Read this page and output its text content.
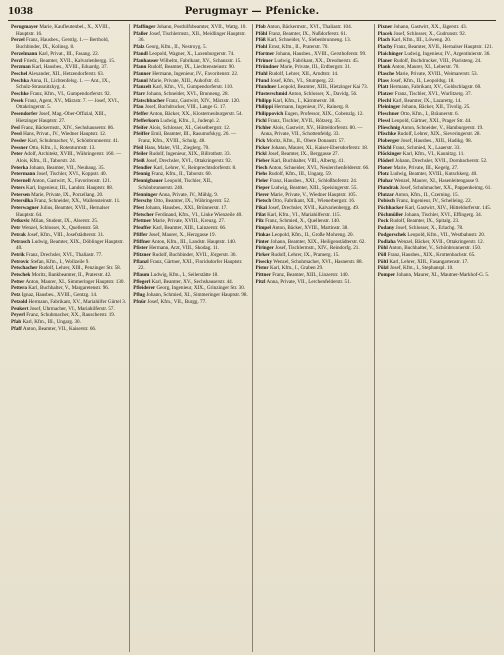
1038	Perugmayr — Pfenicke.

Perugmayer Marie, Kaufleutenbel., X., XVIII., Hauptstr. 16.

Perzel Franz, Hausbes., Gerstlg. 1.— Berthold, Buchbinder, IX., Kolinsg. 8.

Perzelmann Karl, Privat., III., Fasang. 22.

Perzl Friedr., Beamter, XVII., Kalvarienbergg. 15.

Perzman Karl, Hausbes., XVIII., Eduardg. 37.

Peschel Alexander, XII., Hetzendorferstr. 63.

Peschka Anna, II., Lichtenfelsg. 1. — Ant., IX., Schulz-Strassnitzkyg. 4.

Peschke Franz, Kfm., VI., Gumpendorferstr. 92.

Pesek Franz, Agent, XV., Märzstr. 7. — Josef, XVI., Ottakringerstr. 5.

Pesendorfer Josef, Mag.-Ober-Offizial, XIII., Hietzinger Hauptstr. 27.

Pesl Franz, Bäckermstr., XIV., Sechshauserstr. 86.

Pessl Hans, Privat., IV., Wiedner Hauptstr. 12.

Pessler Karl, Schuhmacher, V., Schönbrunnerstr. 41.

Pessner Otto, Kfm., I., Rotenturmstr. 13.

Peter Adolf, Architekt, XVIII., Währingerstr. 160. — Alois, Kfm., II., Taborstr. 24.

Peterka Johann, Beamter, VII., Neubaug. 35.

Petermann Josef, Tischler, XVI., Koppstr. 40.

Peternell Anton, Gastwirt, X., Favoritenstr. 121.

Peters Karl, Ingenieur, III., Landstr. Hauptstr. 88.

Petersen Marie, Private, IX., Porzellang. 20.

Petersilka Franz, Schneider, XX., Wallensteinstr. 11.

Peterwagner Julius, Beamter, XVII., Hernalser Hauptstr. 64.

Petkovic Milan, Student, IX., Alserstr. 25.

Petr Wenzel, Schlosser, X., Quellenstr. 58.

Petrak Josef, Kfm., VIII., Josefstädterstr. 31.

Petrasch Ludwig, Beamter, XIX., Döblinger Hauptstr. 40.

Petrik Franz, Drechsler, XVI., Thaliastr. 77.

Petrovic Stefan, Kfm., I., Wollzeile 9.

Petschacher Rudolf, Lehrer, XIII., Penzinger Str. 58.

Petschek Moritz, Bankbeamter, II., Praterstr. 42.

Petter Anton, Maurer, XI., Simmeringer Hauptstr. 130.

Pettera Karl, Buchhalter, V., Margaretenstr. 96.

Petz Ignaz, Hausbes., XVIII., Gentzg. 14.

Petzold Hermann, Fabrikant, XV., Mariahilfer Gürtel 3.

Peukert Josef, Uhrmacher, VI., Mariahilferstr. 57.

Peyerl Franz, Schuhmacher, XX., Rauscherstr. 19.

Pfab Karl, Kfm., III., Ungarg. 30.

Pfaff Anton, Beamter, VII., Kaiserstr. 66.

Pfaffinger Johann, Posthilfsbeamter, XVII., Wattg. 10.

Pfaller Josef, Tischlermstr., XII., Meidlinger Hauptstr. 36.

Pfalz Georg, Kfm., II., Nestroyg. 5.

Pfandl Leopold, Wagner, X., Laxenburgerstr. 74.

Pfanhauser Wilhelm, Fabrikant, XV., Schanzstr. 15.

Pfann Rudolf, Beamter, IX., Liechtensteinstr. 90.

Pfanner Hermann, Ingenieur, IV., Favoritenstr. 22.

Pfannl Marie, Private, XIII., Auhofstr. 41.

Pfanzelt Karl, Kfm., VI., Gumpendorferstr. 110.

Pfarr Johann, Schneider, XVI., Brunneng. 28.

Pfatschbacher Franz, Gastwirt, XIV., Märzstr. 120.

Pfau Josef, Buchdrucker, VIII., Lange G. 17.

Pfeffer Anton, Bäcker, XX., Klosterneuburgerstr. 54.

Pfefferkorn Ludwig, Kfm., I., Judenpl. 2.

Pfeifer Alois, Schlosser, XI., Geiselbergstr. 12.

Pfeiffer Emil, Beamter, III., Rasumofskyg. 26. — Franz, Kfm., XVIII., Schulg. 48.

Pfeil Hans, Maler, VII., Zieglerg. 70.

Pfeiler Rudolf, Ingenieur, XIX., Billrothstr. 33.

Pfeiß Josef, Drechsler, XVI., Ottakringerstr. 92.

Pfendler Karl, Lehrer, V., Reinprechtsdorferstr. 8.

Pfennig Franz, Kfm., II., Taborstr. 60.

Pfennigbauer Leopold, Tischler, XII., Schönbrunnerstr. 240.

Pfenninger Anna, Private, IV., Mühlg. 9.

Pferschy Otto, Beamter, IX., Währingerstr. 52.

Pfest Johann, Hausbes., XXI., Brünnerstr. 17.

Pfetscher Ferdinand, Kfm., VI., Linke Wienzeile 40.

Pfettner Marie, Private, XVIII., Kreuzg. 27.

Pfeuffer Karl, Beamter, XIII., Lainzerstr. 66.

Pfiffer Josef, Maurer, X., Herzgasse 19.

Pfiffner Anton, Kfm., III., Landstr. Hauptstr. 140.

Pfister Hermann, Arzt, VIII., Skodag. 11.

Pfitzner Rudolf, Buchbinder, XVII., Jörgerstr. 36.

Pflanzl Franz, Gärtner, XXI., Floridsdorfer Hauptstr. 22.

Pflaum Ludwig, Kfm., I., Seilerstätte 18.

Pflegerl Karl, Beamter, XV., Sechshauserstr. 44.

Pfleiderer Georg, Ingenieur, XIX., Grinzinger Str. 30.

Pflug Johann, Schmied, XI., Simmeringer Hauptstr. 98.

Pfnür Josef, Kfm., VII., Burgg. 77.

Pfob Anton, Bäckermstr., XVI., Thaliastr. 104.

Pföhl Franz, Beamter, IX., Nußdorferstr. 61.

Pföß Karl, Schneider, V., Siebenbrunneng. 13.

Pfohl Ernst, Kfm., II., Praterstr. 70.

Pfortner Johann, Hausbes., XVIII., Gersthoferstr. 99.

Pfrimer Ludwig, Fabrikant, XX., Dresdnerstr. 45.

Pfründner Marie, Private, III., Erdbergstr. 31.

Pfuhl Rudolf, Lehrer, XII., Arndtstr. 14.

Pfund Josef, Kfm., VI., Stumperg. 22.

Pfundner Leopold, Beamter, XIII., Hietzinger Kai 73.

Pfusterschmid Anton, Schlosser, X., Davidg. 56.

Philipp Karl, Kfm., I., Kärntnerstr. 38.

Philippi Hermann, Ingenieur, IV., Rainerg. 8.

Philippovich Eugen, Professor, XIX., Cobenzlg. 12.

Pichl Franz, Tischler, XVII., Rötzerg. 35.

Pichler Alois, Gastwirt, XV., Hütteldorferstr. 80. — Anna, Private, VII., Schottenfeldg. 33.

Pick Moritz, Kfm., II., Obere Donaustr. 57.

Picker Johann, Maurer, XI., Kaiser-Ebersdorferstr. 18.

Pickl Josef, Beamter, IX., Berggasse 27.

Pieber Karl, Buchhalter, VIII., Albertg. 41.

Piech Anton, Schneider, XVI., Neulerchenfelderstr. 66.

Piehs Rudolf, Kfm., III., Ungarg. 59.

Pieler Franz, Hausbes., XXI., Schloßhoferstr. 24.

Pieper Ludwig, Beamter, XIII., Speisingerstr. 55.

Pierer Marie, Private, V., Wiedner Hauptstr. 105.

Pietsch Otto, Fabrikant, XII., Wienerbergstr. 16.

Pikal Josef, Drechsler, XVII., Kalvarienbergg. 49.

Pilat Karl, Kfm., VI., Mariahilferstr. 115.

Pilz Franz, Schmied, X., Quellenstr. 140.

Pimpel Anton, Bäcker, XVIII., Martinstr. 38.

Pinkas Leopold, Kfm., II., Große Mohreng. 20.

Pinter Johann, Beamter, XIX., Heiligenstädterstr. 62.

Piringer Josef, Tischlermstr., XIV., Reindorfg. 21.

Pirker Rudolf, Lehrer, IX., Pramerg. 15.

Pisecky Wenzel, Schuhmacher, XVI., Hasnerstr. 88.

Pistor Karl, Kfm., I., Graben 29.

Pittner Franz, Beamter, XIII., Linzerstr. 140.

Pitzl Anna, Private, VII., Lerchenfelderstr. 51.

Pixner Johann, Gastwirt, XX., Jägerstr. 43.

Placek Josef, Schlosser, X., Gudrunstr. 92.

Plach Karl, Kfm., III., Löweng. 20.

Plachy Franz, Beamter, XVII., Hernalser Hauptstr. 121.

Plaichinger Ludwig, Ingenieur, IV., Argentinierstr. 36.

Planer Rudolf, Buchdrucker, VIII., Piaristeng. 24.

Plank Anton, Maurer, XI., Leberstr. 70.

Plasche Marie, Private, XVIII., Weimarerstr. 53.

Plass Josef, Kfm., II., Leopoldsg. 18.

Platt Hermann, Fabrikant, XV., Goldschlagstr. 60.

Platzer Franz, Tischler, XVI., Wurlitzerg. 37.

Plechl Karl, Beamter, IX., Lazarettg. 14.

Pleininger Johann, Bäcker, XII., Tivolig. 25.

Pleschner Otto, Kfm., I., Bräunerstr. 6.

Plessl Leopold, Gärtner, XXI., Prager Str. 44.

Plieschnig Anton, Schneider, V., Hamburgerstr. 19.

Plischke Rudolf, Lehrer, XIX., Sieveringerstr. 28.

Ploberger Josef, Hausbes., XIII., Hadikg. 98.

Plöchl Franz, Schmied, X., Laaerstr. 33.

Plöckinger Karl, Kfm., VI., Kaunitzg. 11.

Plöderl Johann, Drechsler, XVII., Dornbacherstr. 52.

Ploner Marie, Private, III., Kegelg. 27.

Plotz Ludwig, Beamter, XVIII., Kutschkerg. 40.

Pluhar Wenzel, Maurer, XI., Hasenleitengasse 9.

Plundrak Josef, Schuhmacher, XX., Pappenheimg. 61.

Plutzar Anton, Kfm., II., Czerning. 15.

Pobisch Franz, Ingenieur, IV., Schelleing. 22.

Pöchhacker Karl, Gastwirt, XIV., Hütteldorferstr. 145.

Pöchmüller Johann, Tischler, XVI., Effingerg. 34.

Pock Rudolf, Beamter, IX., Spitalg. 23.

Podany Josef, Schlosser, X., Erlachg. 78.

Podgorschek Leopold, Kfm., VII., Westbahnstr. 20.

Podlaha Wenzel, Bäcker, XVII., Ottakringerstr. 12.

Pöhl Anton, Buchhalter, V., Schönbrunnerstr. 150.

Pöll Franz, Hausbes., XIX., Krottenbachstr. 65.

Pöltl Karl, Lehrer, XIII., Fasangartenstr. 17.

Pölzl Josef, Kfm., I., Stephanspl. 10.

Pomper Johann, Maurer, XI., Mautner-Markhof-G. 5.
